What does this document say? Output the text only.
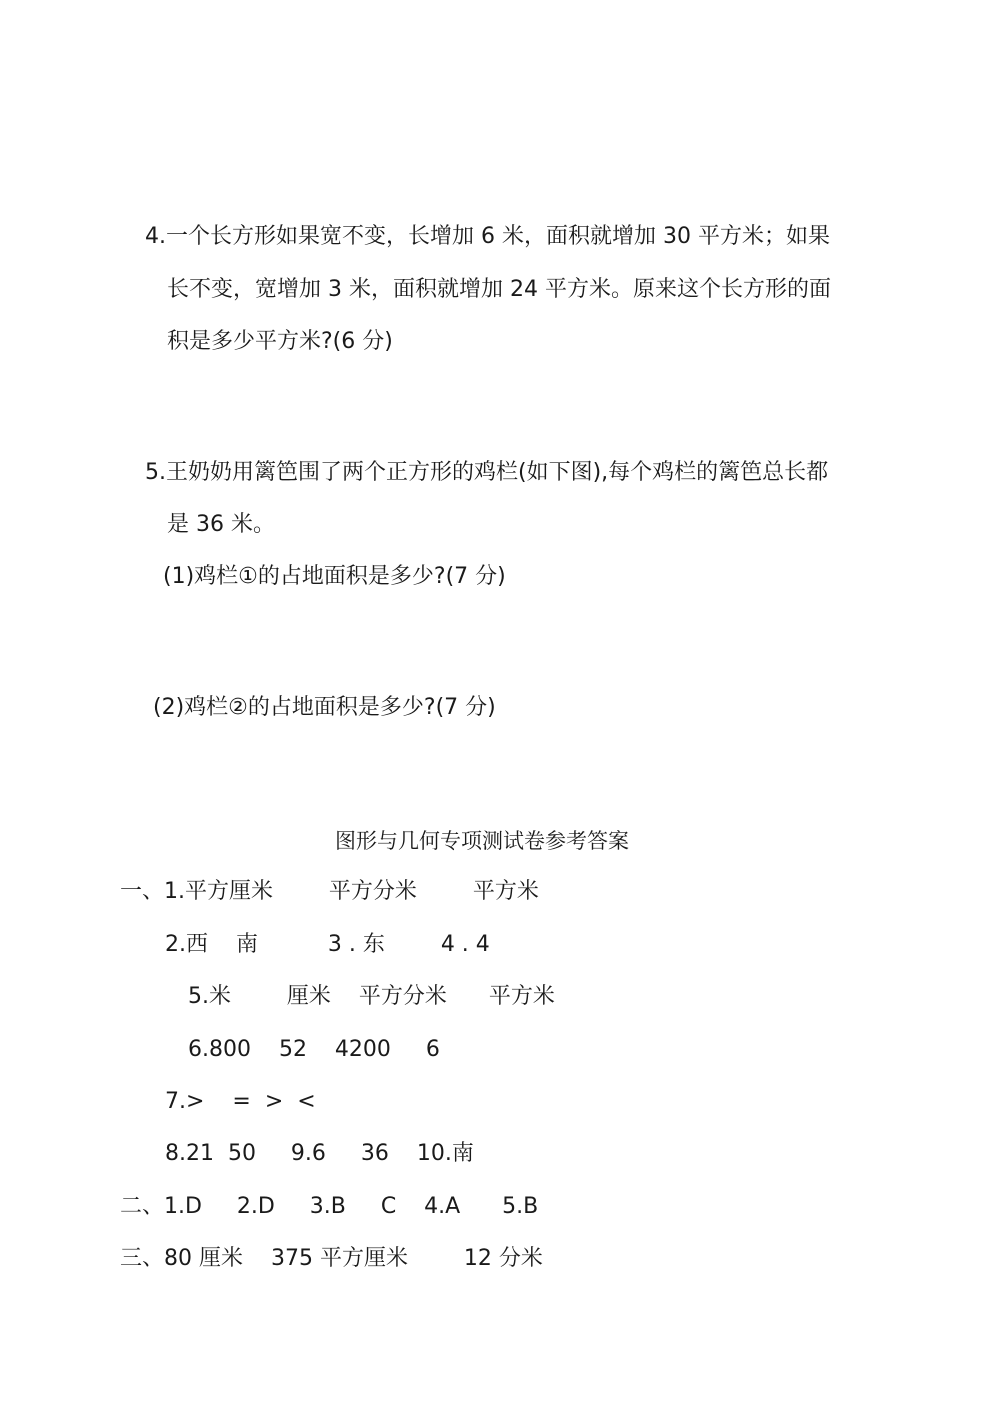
4.一个长方形如果宽不变，长增加 6 米，面积就增加 30 平方米；如果
长不变，宽增加 3 米，面积就增加 24 平方米。原来这个长方形的面
积是多少平方米?(6 分)
5.王奶奶用篱笆围了两个正方形的鸡栏(如下图),每个鸡栏的篱笆总长都
是 36 米。
(1)鸡栏①的占地面积是多少?(7 分)
(2)鸡栏②的占地面积是多少?(7 分)
图形与几何专项测试卷参考答案
一、1.平方厘米        平方分米        平方米
2.西    南          3 . 东        4 . 4
5.米        厘米    平方分米      平方米
6.800    52    4200     6
7.>    =  >  <
8.21  50     9.6     36    10.南
二、1.D     2.D     3.B     C    4.A      5.B
三、80 厘米    375 平方厘米        12 分米
